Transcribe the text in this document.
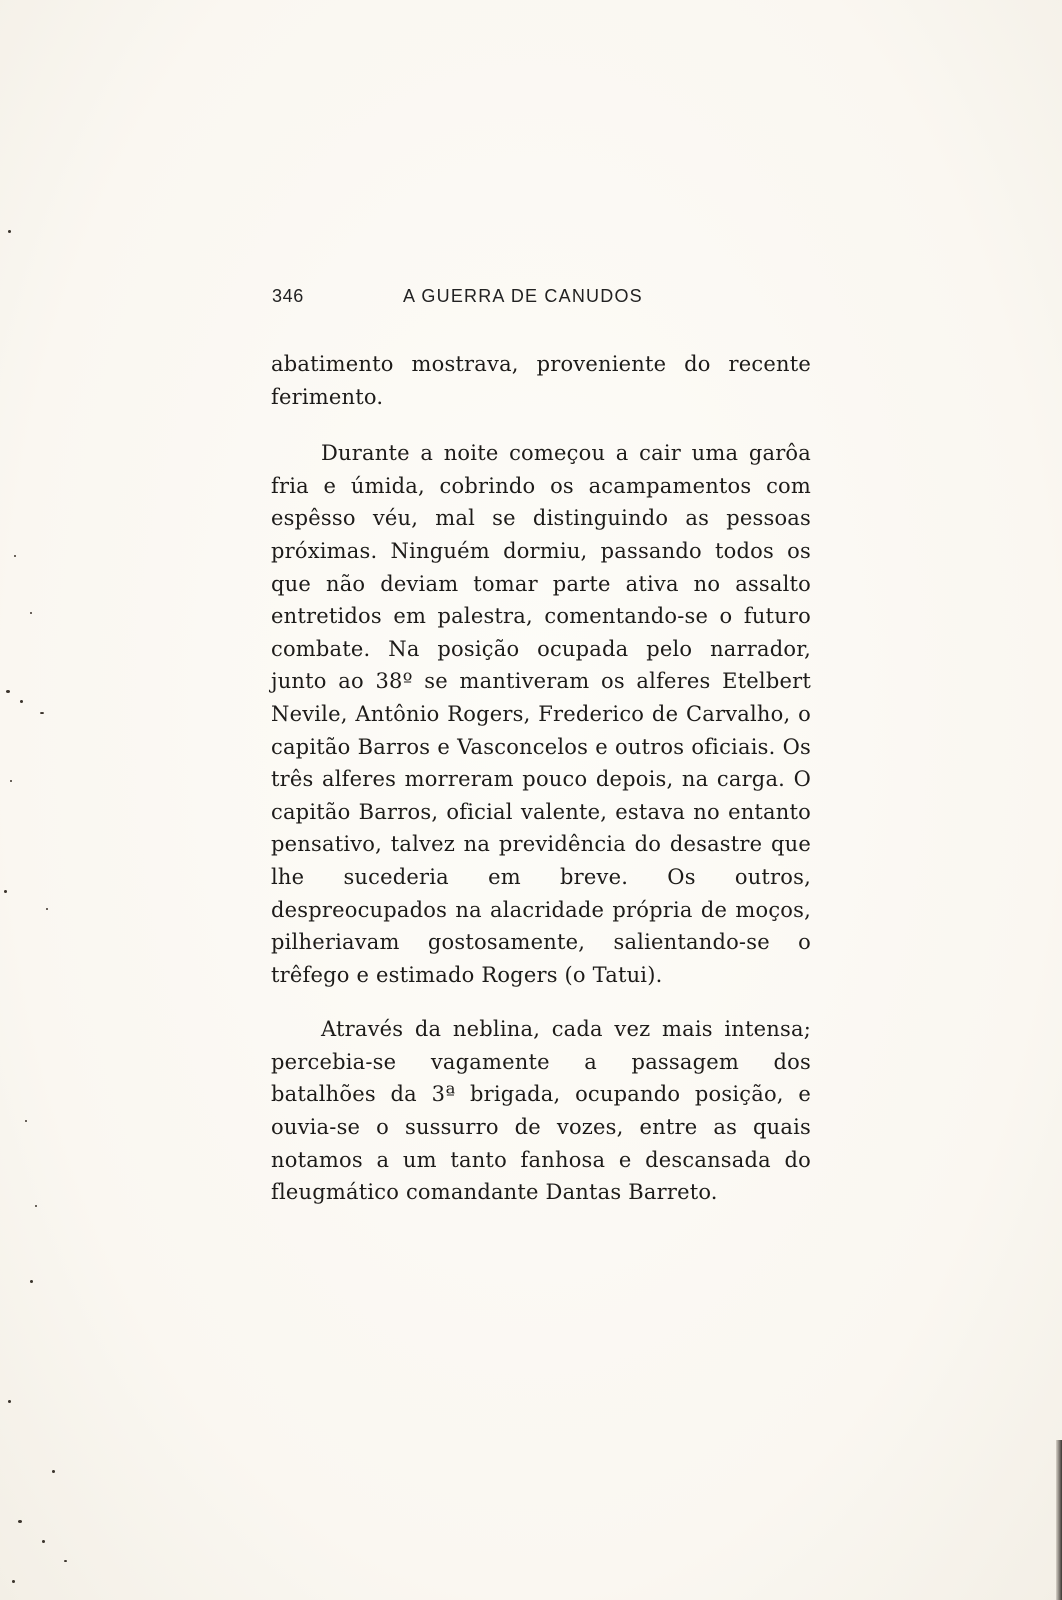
346	A GUERRA DE CANUDOS

abatimento mostrava, proveniente do recente ferimento.

Durante a noite começou a cair uma garôa fria e úmida, cobrindo os acampamentos com espêsso véu, mal se distinguindo as pessoas próximas. Ninguém dormiu, passando todos os que não deviam tomar parte ativa no assalto entretidos em palestra, comentando-se o futuro combate. Na posição ocupada pelo narrador, junto ao 38º se mantiveram os alferes Etelbert Nevile, Antônio Rogers, Frederico de Carvalho, o capitão Barros e Vasconcelos e outros oficiais. Os três alferes morreram pouco depois, na carga. O capitão Barros, oficial valente, estava no entanto pensativo, talvez na previdência do desastre que lhe sucederia em breve. Os outros, despreocupados na alacridade própria de moços, pilheriavam gostosamente, salientando-se o trêfego e estimado Rogers (o Tatui).

Através da neblina, cada vez mais intensa; percebia-se vagamente a passagem dos batalhões da 3ª brigada, ocupando posição, e ouvia-se o sussurro de vozes, entre as quais notamos a um tanto fanhosa e descansada do fleugmático comandante Dantas Barreto.
